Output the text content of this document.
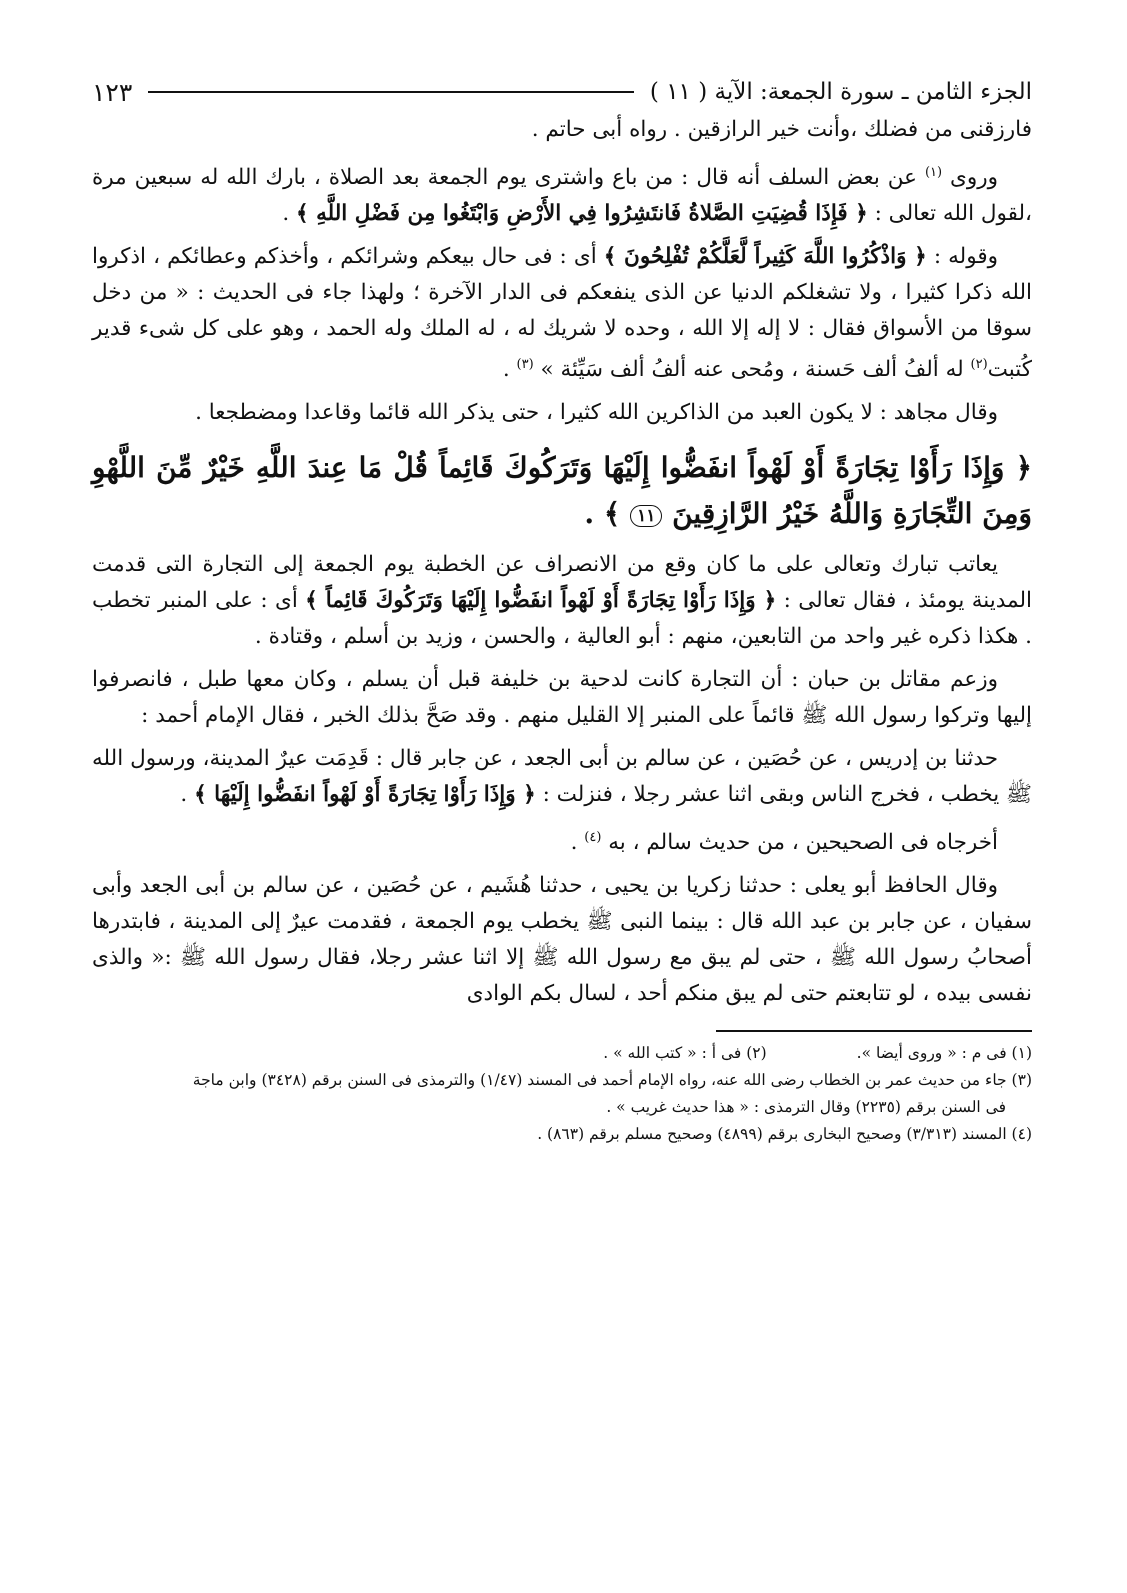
الجزء الثامن ـ سورة الجمعة: الآية ( ١١ )
١٢٣

فارزقنى من فضلك ،وأنت خير الرازقين . رواه أبى حاتم .

وروى $^{(١)}$ عن بعض السلف أنه قال : من باع واشترى يوم الجمعة بعد الصلاة ، بارك الله له سبعين مرة ،لقول الله تعالى : ﴿ فَإِذَا قُضِيَتِ الصَّلاةُ فَانتَشِرُوا فِي الأَرْضِ وَابْتَغُوا مِن فَضْلِ اللَّهِ ﴾ .

وقوله : ﴿ وَاذْكُرُوا اللَّهَ كَثِيراً لَّعَلَّكُمْ تُفْلِحُونَ ﴾ أى : فى حال بيعكم وشرائكم ، وأخذكم وعطائكم ، اذكروا الله ذكرا كثيرا ، ولا تشغلكم الدنيا عن الذى ينفعكم فى الدار الآخرة ؛ ولهذا جاء فى الحديث : « من دخل سوقا من الأسواق فقال : لا إله إلا الله ، وحده لا شريك له ، له الملك وله الحمد ، وهو على كل شىء قدير كُتبت$^{(٢)}$ له ألفُ ألف حَسنة ، ومُحى عنه ألفُ ألف سَيِّئة » $^{(٣)}$ .

وقال مجاهد : لا يكون العبد من الذاكرين الله كثيرا ، حتى يذكر الله قائما وقاعدا ومضطجعا .

﴿ وَإِذَا رَأَوْا تِجَارَةً أَوْ لَهْواً انفَضُّوا إِلَيْهَا وَتَرَكُوكَ قَائِماً قُلْ مَا عِندَ اللَّهِ خَيْرٌ مِّنَ اللَّهْوِ وَمِنَ التِّجَارَةِ وَاللَّهُ خَيْرُ الرَّازِقِينَ ١١ ﴾ .

يعاتب تبارك وتعالى على ما كان وقع من الانصراف عن الخطبة يوم الجمعة إلى التجارة التى قدمت المدينة يومئذ ، فقال تعالى : ﴿ وَإِذَا رَأَوْا تِجَارَةً أَوْ لَهْواً انفَضُّوا إِلَيْهَا وَتَرَكُوكَ قَائِماً ﴾ أى : على المنبر تخطب . هكذا ذكره غير واحد من التابعين، منهم : أبو العالية ، والحسن ، وزيد بن أسلم ، وقتادة .

وزعم مقاتل بن حبان : أن التجارة كانت لدحية بن خليفة قبل أن يسلم ، وكان معها طبل ، فانصرفوا إليها وتركوا رسول الله ﷺ قائماً على المنبر إلا القليل منهم . وقد صَحَّ بذلك الخبر ، فقال الإمام أحمد :

حدثنا بن إدريس ، عن حُصَين ، عن سالم بن أبى الجعد ، عن جابر قال : قَدِمَت عيرٌ المدينة، ورسول الله ﷺ يخطب ، فخرج الناس وبقى اثنا عشر رجلا ، فنزلت : ﴿ وَإِذَا رَأَوْا تِجَارَةً أَوْ لَهْواً انفَضُّوا إِلَيْهَا ﴾ .

أخرجاه فى الصحيحين ، من حديث سالم ، به $^{(٤)}$ .

وقال الحافظ أبو يعلى : حدثنا زكريا بن يحيى ، حدثنا هُشَيم ، عن حُصَين ، عن سالم بن أبى الجعد وأبى سفيان ، عن جابر بن عبد الله قال : بينما النبى ﷺ يخطب يوم الجمعة ، فقدمت عيرٌ إلى المدينة ، فابتدرها أصحابُ رسول الله ﷺ ، حتى لم يبق مع رسول الله ﷺ إلا اثنا عشر رجلا، فقال رسول الله ﷺ :« والذى نفسى بيده ، لو تتابعتم حتى لم يبق منكم أحد ، لسال بكم الوادى

(١) فى م : « وروى أيضا ».
(٢) فى أ : « كتب الله » .
(٣) جاء من حديث عمر بن الخطاب رضى الله عنه، رواه الإمام أحمد فى المسند (١/٤٧) والترمذى فى السنن برقم (٣٤٢٨) وابن ماجة
فى السنن برقم (٢٢٣٥) وقال الترمذى : « هذا حديث غريب » .
(٤) المسند (٣/٣١٣) وصحيح البخارى برقم (٤٨٩٩) وصحيح مسلم برقم (٨٦٣) .
